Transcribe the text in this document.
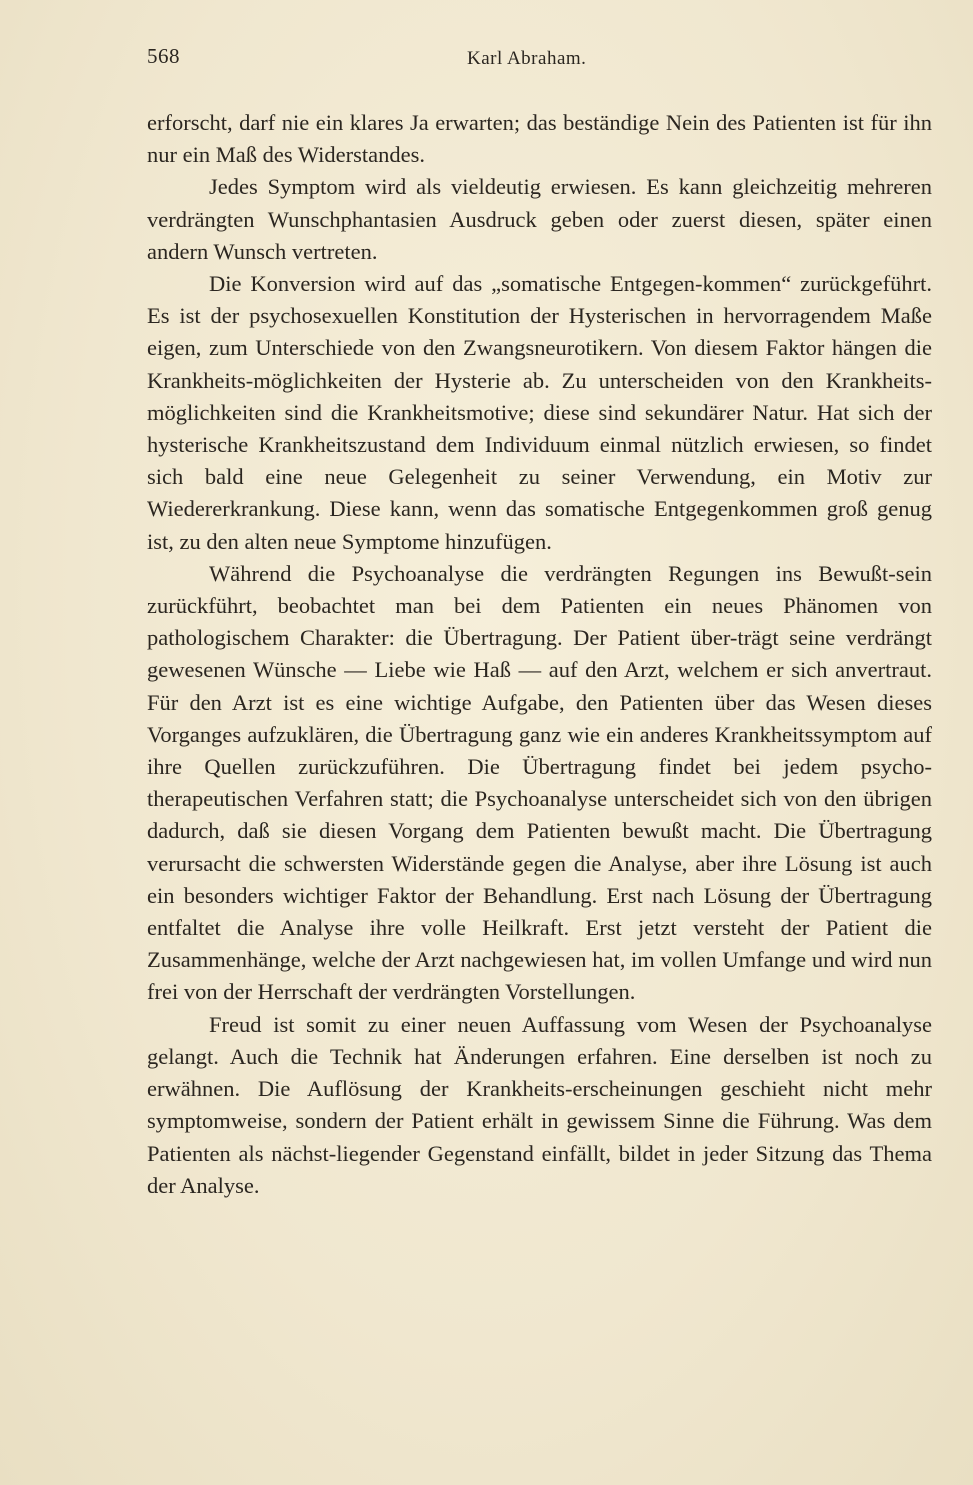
568	Karl Abraham.

erforscht, darf nie ein klares Ja erwarten; das beständige Nein des Patienten ist für ihn nur ein Maß des Widerstandes.

Jedes Symptom wird als vieldeutig erwiesen. Es kann gleichzeitig mehreren verdrängten Wunschphantasien Ausdruck geben oder zuerst diesen, später einen andern Wunsch vertreten.

Die Konversion wird auf das „somatische Entgegen-kommen“ zurückgeführt. Es ist der psychosexuellen Konstitution der Hysterischen in hervorragendem Maße eigen, zum Unterschiede von den Zwangsneurotikern. Von diesem Faktor hängen die Krankheits-möglichkeiten der Hysterie ab. Zu unterscheiden von den Krankheits-möglichkeiten sind die Krankheitsmotive; diese sind sekundärer Natur. Hat sich der hysterische Krankheitszustand dem Individuum einmal nützlich erwiesen, so findet sich bald eine neue Gelegenheit zu seiner Verwendung, ein Motiv zur Wiedererkrankung. Diese kann, wenn das somatische Entgegenkommen groß genug ist, zu den alten neue Symptome hinzufügen.

Während die Psychoanalyse die verdrängten Regungen ins Bewußt-sein zurückführt, beobachtet man bei dem Patienten ein neues Phänomen von pathologischem Charakter: die Übertragung. Der Patient über-trägt seine verdrängt gewesenen Wünsche — Liebe wie Haß — auf den Arzt, welchem er sich anvertraut. Für den Arzt ist es eine wichtige Aufgabe, den Patienten über das Wesen dieses Vorganges aufzuklären, die Übertragung ganz wie ein anderes Krankheitssymptom auf ihre Quellen zurückzuführen. Die Übertragung findet bei jedem psycho-therapeutischen Verfahren statt; die Psychoanalyse unterscheidet sich von den übrigen dadurch, daß sie diesen Vorgang dem Patienten bewußt macht. Die Übertragung verursacht die schwersten Widerstände gegen die Analyse, aber ihre Lösung ist auch ein besonders wichtiger Faktor der Behandlung. Erst nach Lösung der Übertragung entfaltet die Analyse ihre volle Heilkraft. Erst jetzt versteht der Patient die Zusammenhänge, welche der Arzt nachgewiesen hat, im vollen Umfange und wird nun frei von der Herrschaft der verdrängten Vorstellungen.

Freud ist somit zu einer neuen Auffassung vom Wesen der Psychoanalyse gelangt. Auch die Technik hat Änderungen erfahren. Eine derselben ist noch zu erwähnen. Die Auflösung der Krankheits-erscheinungen geschieht nicht mehr symptomweise, sondern der Patient erhält in gewissem Sinne die Führung. Was dem Patienten als nächst-liegender Gegenstand einfällt, bildet in jeder Sitzung das Thema der Analyse.
